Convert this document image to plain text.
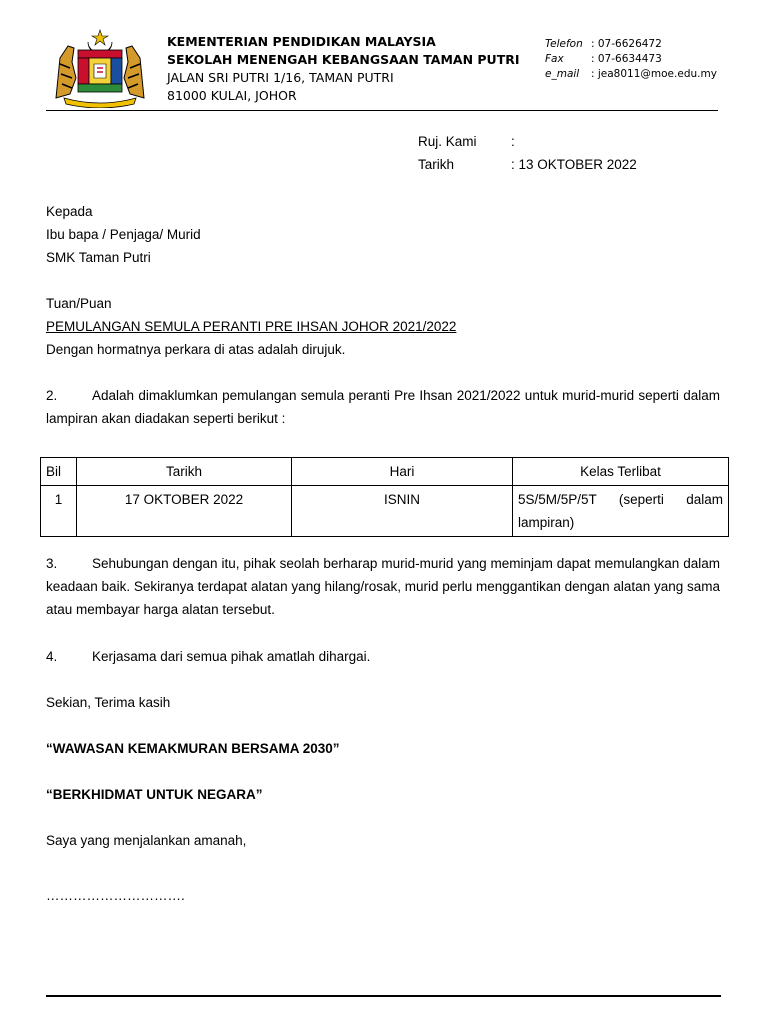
KEMENTERIAN PENDIDIKAN MALAYSIA
SEKOLAH MENENGAH KEBANGSAAN TAMAN PUTRI
JALAN SRI PUTRI 1/16, TAMAN PUTRI
81000 KULAI, JOHOR
Telefon : 07-6626472
Fax	: 07-6634473
e_mail	: jea8011@moe.edu.my
Ruj. Kami	:
Tarikh	: 13 OKTOBER 2022
Kepada
Ibu bapa / Penjaga/ Murid
SMK Taman Putri
Tuan/Puan
PEMULANGAN SEMULA PERANTI PRE IHSAN JOHOR 2021/2022
Dengan hormatnya perkara di atas adalah dirujuk.
2.	Adalah dimaklumkan pemulangan semula peranti Pre Ihsan 2021/2022 untuk murid-murid seperti dalam lampiran akan diadakan seperti berikut :
Bil	Tarikh	Hari	Kelas Terlibat
1	17 OKTOBER 2022	ISNIN	5S/5M/5P/5T (seperti dalam lampiran)
3.	Sehubungan dengan itu, pihak seolah berharap murid-murid yang meminjam dapat memulangkan dalam keadaan baik. Sekiranya terdapat alatan yang hilang/rosak, murid perlu menggantikan dengan alatan yang sama atau membayar harga alatan tersebut.
4.	Kerjasama dari semua pihak amatlah dihargai.
Sekian, Terima kasih
“WAWASAN KEMAKMURAN BERSAMA 2030”
“BERKHIDMAT UNTUK NEGARA”
Saya yang menjalankan amanah,
………………………….
